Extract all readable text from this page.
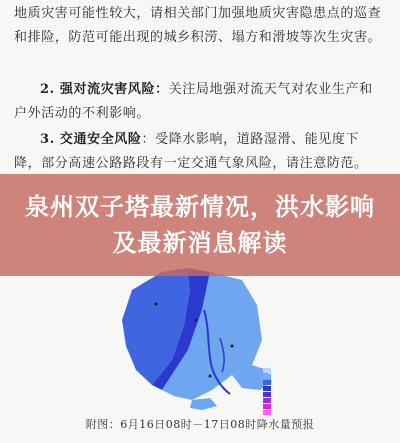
地质灾害可能性较大，请相关部门加强地质灾害隐患点的巡查和排险，防范可能出现的城乡积涝、塌方和滑坡等次生灾害。

2. 强对流灾害风险：关注局地强对流天气对农业生产和户外活动的不利影响。

3. 交通安全风险：受降水影响，道路湿滑、能见度下降，部分高速公路路段有一定交通气象风险，请注意防范。

泉州双子塔最新情况，洪水影响及最新消息解读

附图：6月16日08时－17日08时降水量预报
